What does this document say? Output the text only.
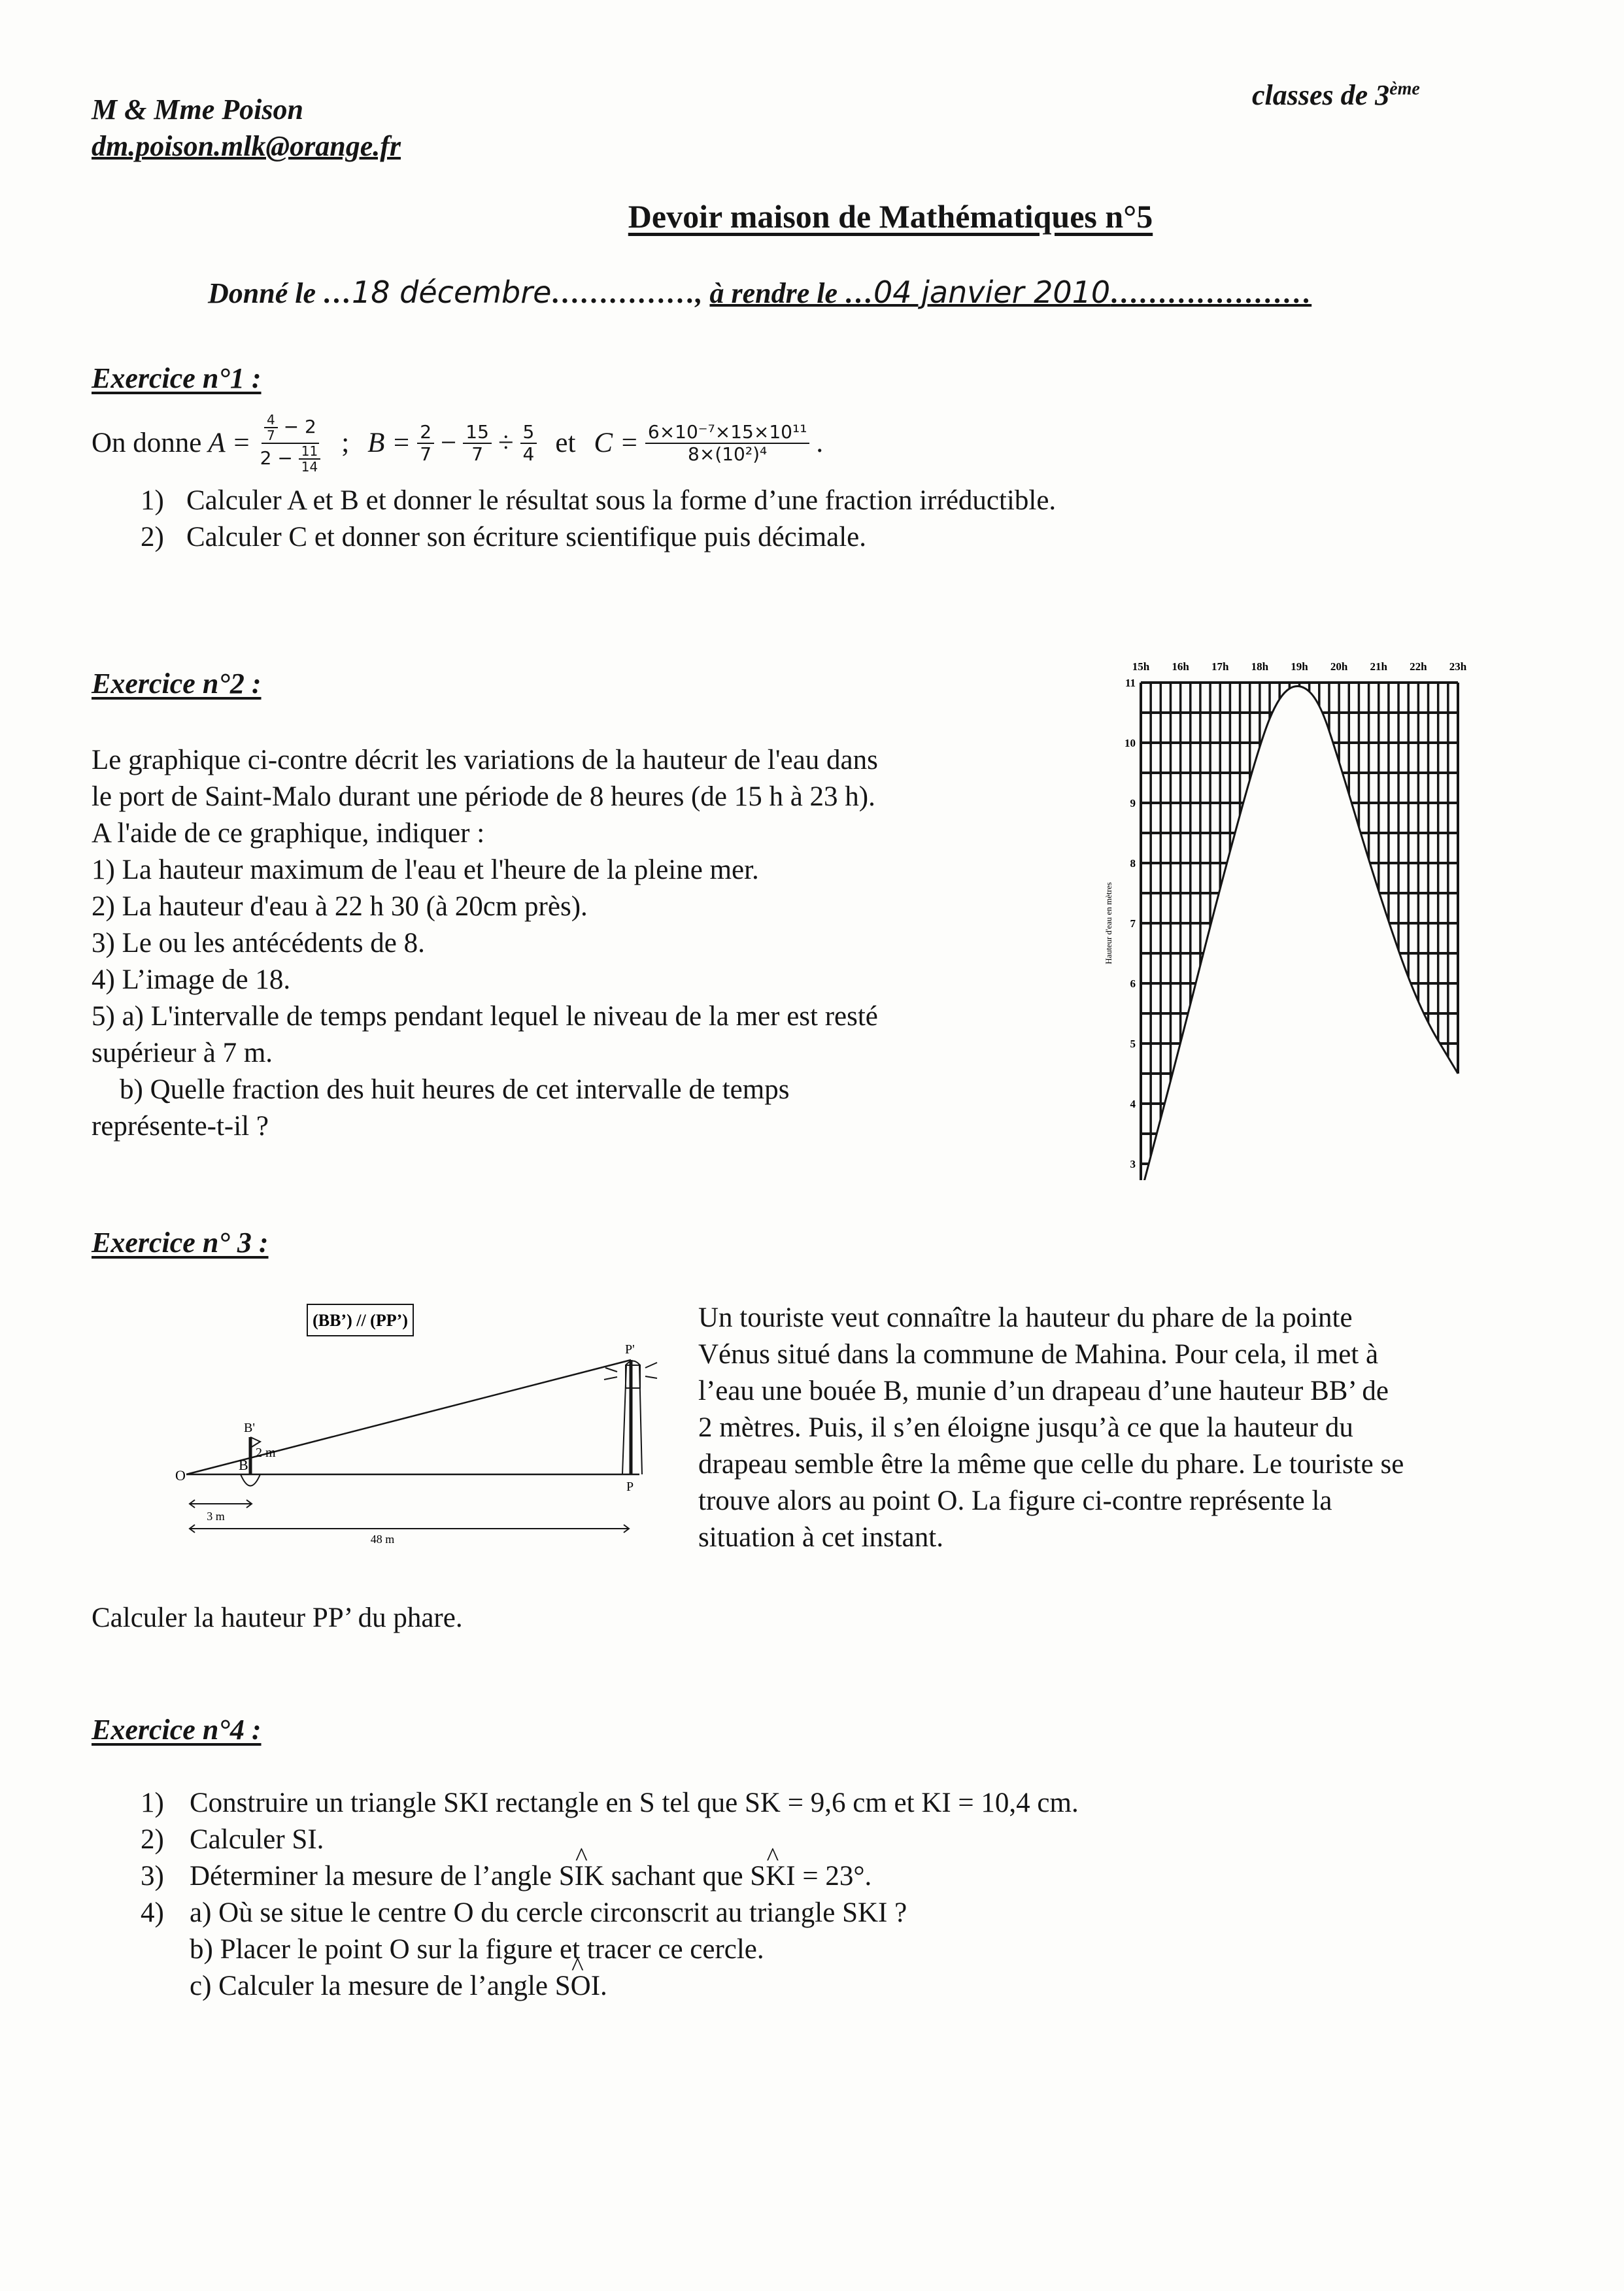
M & Mme Poison
dm.poison.mlk@orange.fr
classes de 3ème
Devoir maison de Mathématiques n°5
Donné le …18 décembre……………, à rendre le …04 janvier 2010…………………
Exercice n°1 :
On donne $A = \frac{\frac{4}{7} - 2}{2 - \frac{11}{14}}$ ; $B = \frac{2}{7} - \frac{15}{7} \div \frac{5}{4}$ et $C = \frac{\text{6×10⁻⁷×15×10¹¹}}{\text{8×(10²)⁴}}$ .
1) Calculer A et B et donner le résultat sous la forme d’une fraction irréductible.
2) Calculer C et donner son écriture scientifique puis décimale.
Exercice n°2 :
Le graphique ci-contre décrit les variations de la hauteur de l'eau dans
le port de Saint-Malo durant une période de 8 heures (de 15 h à 23 h).
A l'aide de ce graphique, indiquer :
1) La hauteur maximum de l'eau et l'heure de la pleine mer.
2) La hauteur d'eau à 22 h 30 (à 20cm près).
3) Le ou les antécédents de 8.
4) L’image de 18.
5) a) L'intervalle de temps pendant lequel le niveau de la mer est resté
supérieur à 7 m.
b) Quelle fraction des huit heures de cet intervalle de temps
représente-t-il ?
15h 16h 17h 18h 19h 20h 21h 22h 23h
3
4
5
6
7
8
9
10
11
Hauteur d'eau en mètres
Exercice n° 3 :
(BB’) // (PP’)
O
B
B'
2 m
P
P'
3 m
48 m
Un touriste veut connaître la hauteur du phare de la pointe
Vénus situé dans la commune de Mahina. Pour cela, il met à
l’eau une bouée B, munie d’un drapeau d’une hauteur BB’ de
2 mètres. Puis, il s’en éloigne jusqu’à ce que la hauteur du
drapeau semble être la même que celle du phare. Le touriste se
trouve alors au point O. La figure ci-contre représente la
situation à cet instant.
Calculer la hauteur PP’ du phare.
Exercice n°4 :
1) Construire un triangle SKI rectangle en S tel que SK = 9,6 cm et KI = 10,4 cm.
2) Calculer SI.
3) Déterminer la mesure de l’angle ^ SIK sachant que ^ SKI = 23°.
4) a) Où se situe le centre O du cercle circonscrit au triangle SKI ?
b) Placer le point O sur la figure et tracer ce cercle.
c) Calculer la mesure de l’angle ^ SOI.
